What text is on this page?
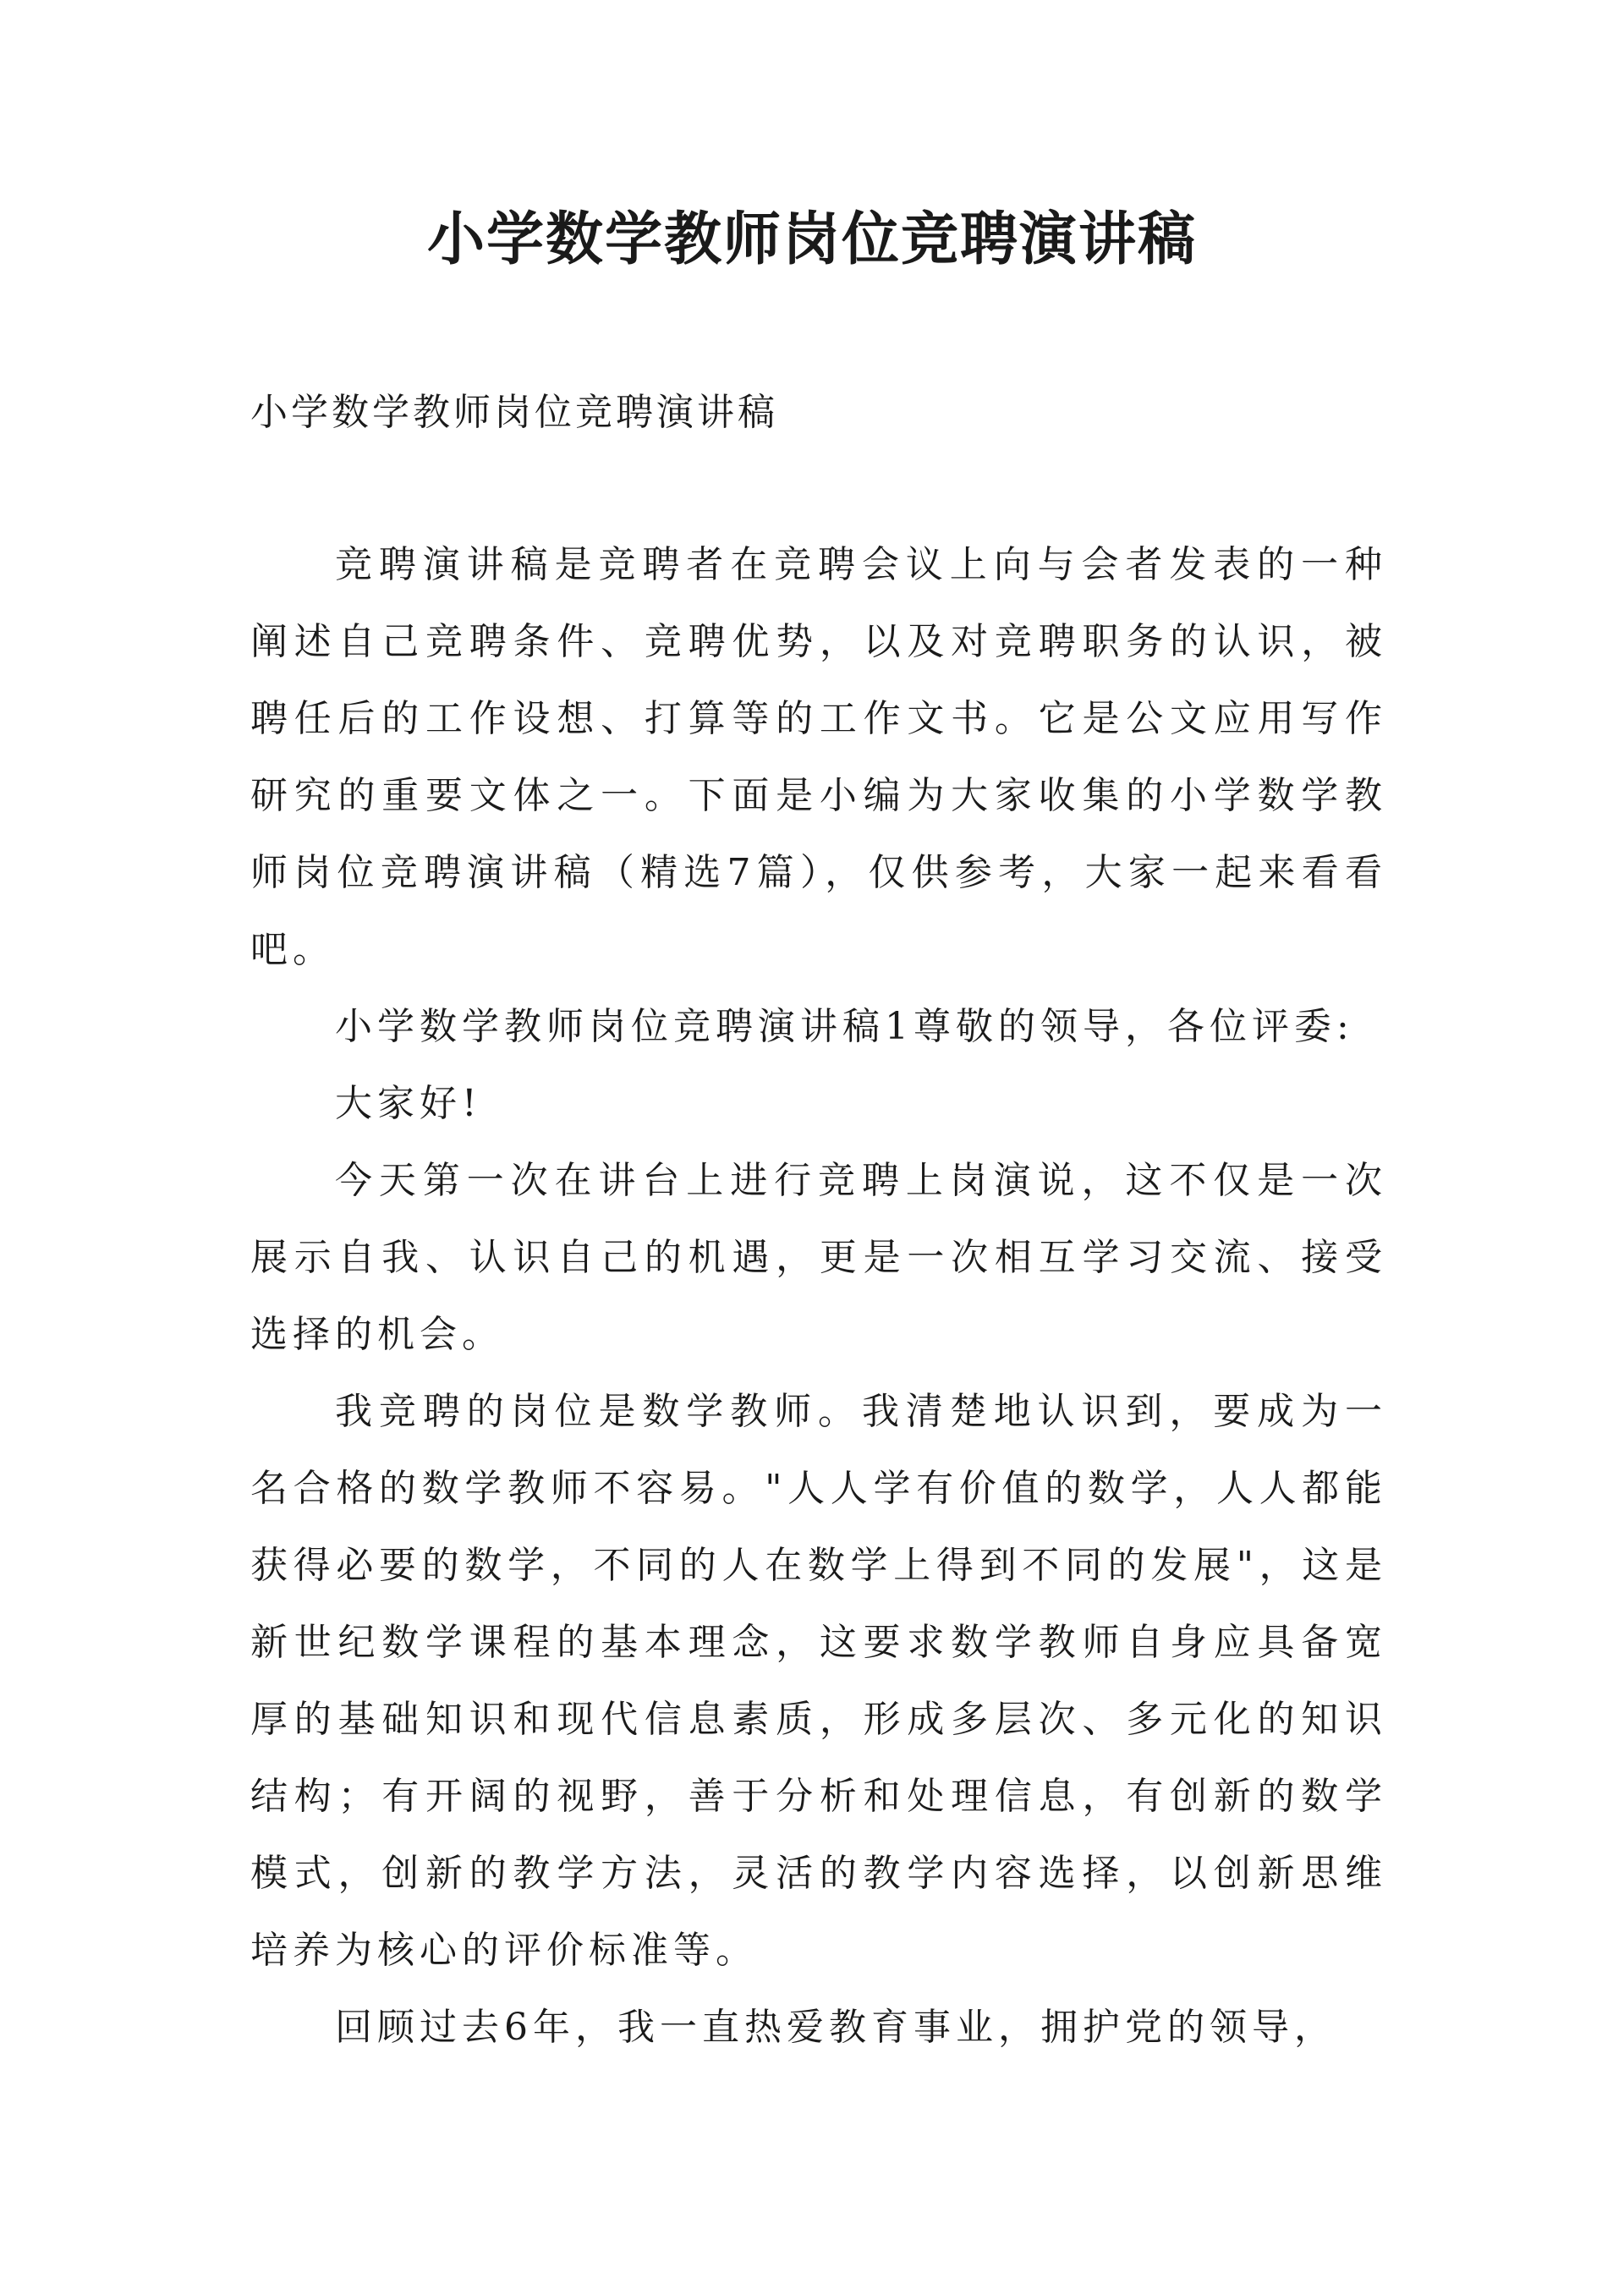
小学数学教师岗位竞聘演讲稿

小学数学教师岗位竞聘演讲稿

竞聘演讲稿是竞聘者在竞聘会议上向与会者发表的一种阐述自己竞聘条件、竞聘优势，以及对竞聘职务的认识，被聘任后的工作设想、打算等的工作文书。它是公文应用写作研究的重要文体之一。下面是小编为大家收集的小学数学教师岗位竞聘演讲稿（精选7篇），仅供参考，大家一起来看看吧。

小学数学教师岗位竞聘演讲稿1尊敬的领导，各位评委:

大家好!

今天第一次在讲台上进行竞聘上岗演说，这不仅是一次展示自我、认识自己的机遇，更是一次相互学习交流、接受选择的机会。

我竞聘的岗位是数学教师。我清楚地认识到，要成为一名合格的数学教师不容易。"人人学有价值的数学，人人都能获得必要的数学，不同的人在数学上得到不同的发展"，这是新世纪数学课程的基本理念，这要求数学教师自身应具备宽厚的基础知识和现代信息素质，形成多层次、多元化的知识结构；有开阔的视野，善于分析和处理信息，有创新的数学模式，创新的教学方法，灵活的教学内容选择，以创新思维培养为核心的评价标准等。

回顾过去6年，我一直热爱教育事业，拥护党的领导，
